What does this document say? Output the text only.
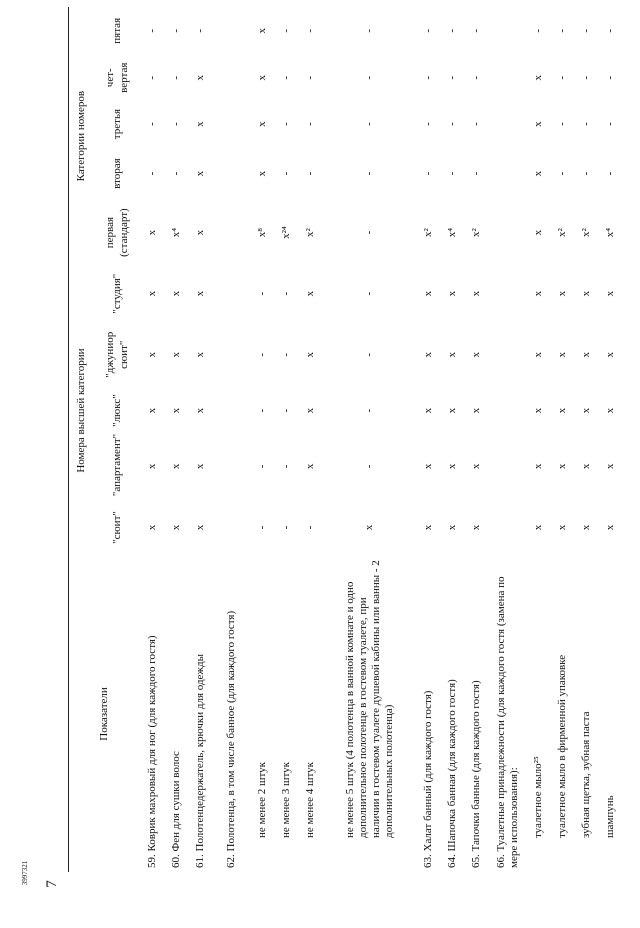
7
3997321
Показатели	Номера высшей категории					Категории номеров				
	"сюит"	"апартамент"	"люкс"	"джуниор сюит"	"студия"	первая (стандарт)	вторая	третья	чет-вертая	пятая
59. Коврик махровый для ног (для каждого гостя)	x	x	x	x	x	x	-	-	-	-
60. Фен для сушки волос	x	x	x	x	x	x⁴	-	-	-	-
61. Полотенцедержатель, крючки для одежды	x	x	x	x	x	x	x	x	x	-
62. Полотенца, в том числе банное (для каждого гостя)										
не менее 2 штук	-	-	-	-	-	x⁸	x	x	x	x
не менее 3 штук	-	-	-	-	-	x²⁴	-	-	-	-
не менее 4 штук	-	x	x	x	x	x²	-	-	-	-
не менее 5 штук (4 полотенца в ванной комнате и одно дополнительное полотенце в гостевом туалете, при наличии в гостевом туалете душевой кабины или ванны - 2 дополнительных полотенца)	x	-	-	-	-	-	-	-	-	-
63. Халат банный (для каждого гостя)	x	x	x	x	x	x²	-	-	-	-
64. Шапочка банная (для каждого гостя)	x	x	x	x	x	x⁴	-	-	-	-
65. Тапочки банные (для каждого гостя)	x	x	x	x	x	x²	-	-	-	-
66. Туалетные принадлежности (для каждого гостя (замена по мере использования):										
туалетное мыло²⁵	x	x	x	x	x	x	x	x	x	-
туалетное мыло в фирменной упаковке	x	x	x	x	x	x²	-	-	-	-
зубная щетка, зубная паста	x	x	x	x	x	x²	-	-	-	-
шампунь	x	x	x	x	x	x⁴	-	-	-	-
